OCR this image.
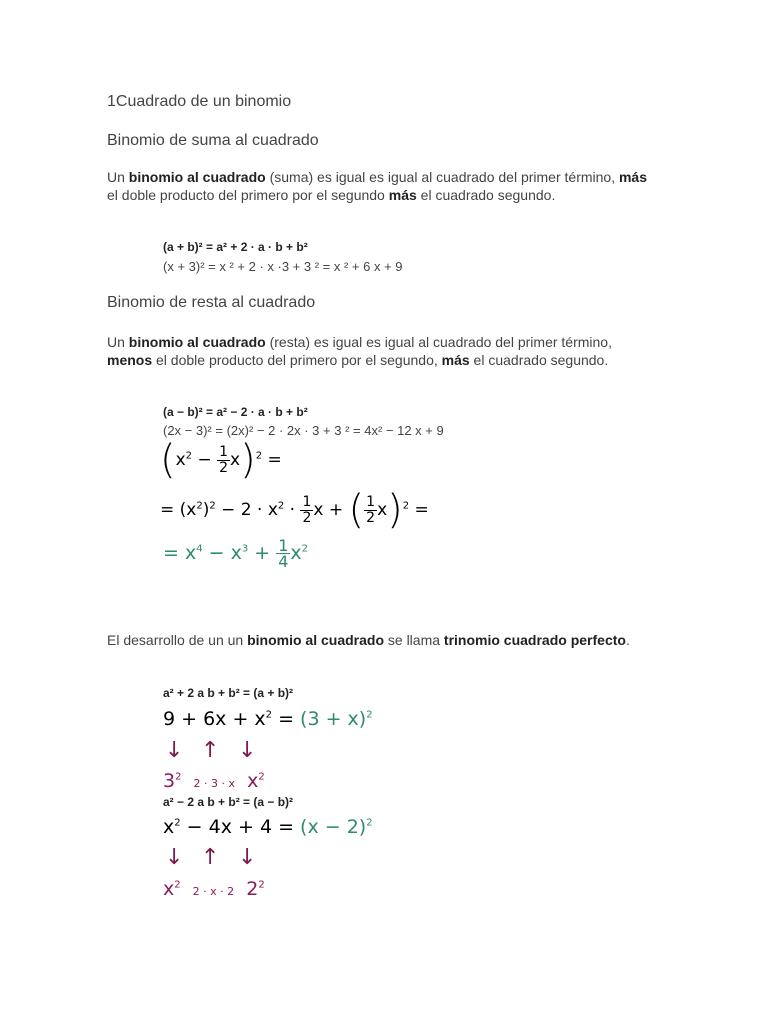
1Cuadrado de un binomio
Binomio de suma al cuadrado
Un binomio al cuadrado (suma) es igual es igual al cuadrado del primer término, más el doble producto del primero por el segundo más el cuadrado segundo.
(a + b)² = a² + 2 · a · b + b²
(x + 3)² = x ² + 2 · x ·3 + 3 ² = x ² + 6 x + 9
Binomio de resta al cuadrado
Un binomio al cuadrado (resta) es igual es igual al cuadrado del primer término, menos el doble producto del primero por el segundo, más el cuadrado segundo.
(a − b)² = a² − 2 · a · b + b²
(2x − 3)² = (2x)² − 2 · 2x · 3 + 3 ² = 4x² − 12 x + 9
$(x^2 - \frac{1}{2} x)^2$ =
= $(x^2)^2 - 2 \cdot x^2 \cdot \frac{1}{2}$ x + ( $\frac{1}{2} x)^2$ =
= $x^4 - x^3 + \frac{1}{4} x^2$
El desarrollo de un un binomio al cuadrado se llama trinomio cuadrado perfecto.
a² + 2 a b + b² = (a + b)²
$9 + 6x + x^2 = (3 + x)^2$
↓ ↑ ↓
$3^2$ 2 · 3 · x $x^2$
a² − 2 a b + b² = (a − b)²
$x^2 - 4x + 4 = (x - 2)^2$
↓ ↑ ↓
$x^2$ 2 · x · 2 $2^2$
